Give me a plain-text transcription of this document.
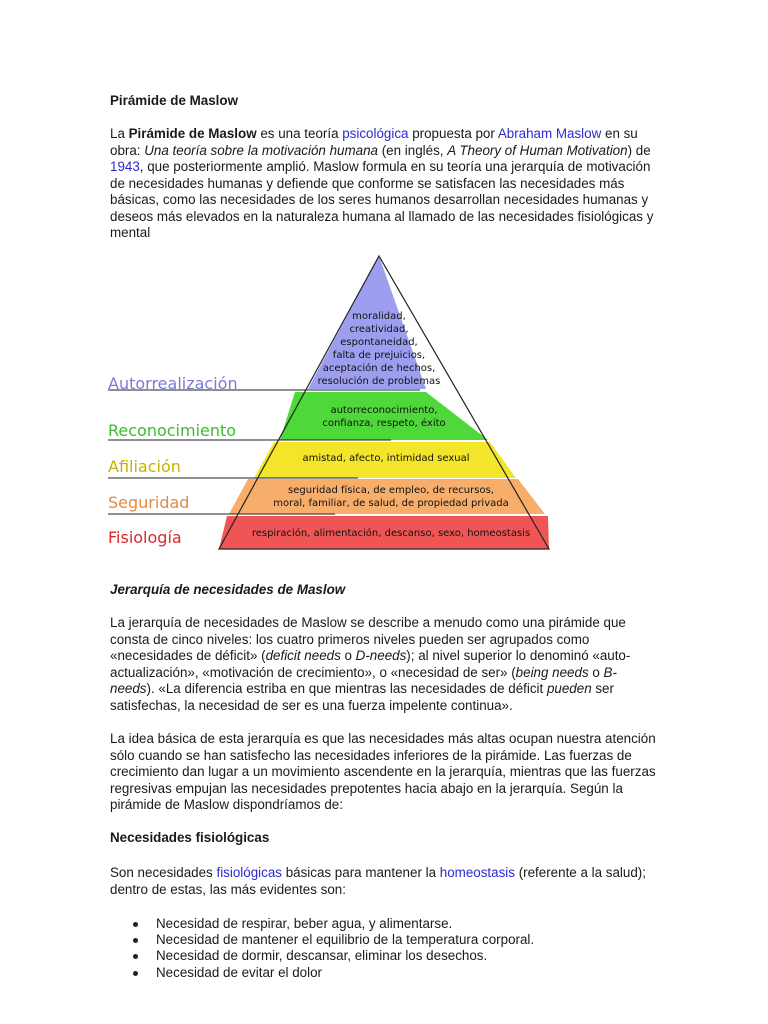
Pirámide de Maslow

La Pirámide de Maslow es una teoría psicológica propuesta por Abraham Maslow en su obra: Una teoría sobre la motivación humana (en inglés, A Theory of Human Motivation) de 1943, que posteriormente amplió. Maslow formula en su teoría una jerarquía de motivación de necesidades humanas y defiende que conforme se satisfacen las necesidades más básicas, como las necesidades de los seres humanos desarrollan necesidades humanas y deseos más elevados en la naturaleza humana al llamado de las necesidades fisiológicas y mental

Autorrealización
Reconocimiento
Afiliación
Seguridad
Fisiología
moralidad,
creatividad,
espontaneidad,
falta de prejuicios,
aceptación de hechos,
resolución de problemas
autorreconocimiento,
confianza, respeto, éxito
amistad, afecto, intimidad sexual
seguridad física, de empleo, de recursos,
moral, familiar, de salud, de propiedad privada
respiración, alimentación, descanso, sexo, homeostasis
Jerarquía de necesidades de Maslow

La jerarquía de necesidades de Maslow se describe a menudo como una pirámide que consta de cinco niveles: los cuatro primeros niveles pueden ser agrupados como «necesidades de déficit» (deficit needs o D-needs); al nivel superior lo denominó «auto-actualización», «motivación de crecimiento», o «necesidad de ser» (being needs o B-needs). «La diferencia estriba en que mientras las necesidades de déficit pueden ser satisfechas, la necesidad de ser es una fuerza impelente continua».

La idea básica de esta jerarquía es que las necesidades más altas ocupan nuestra atención sólo cuando se han satisfecho las necesidades inferiores de la pirámide. Las fuerzas de crecimiento dan lugar a un movimiento ascendente en la jerarquía, mientras que las fuerzas regresivas empujan las necesidades prepotentes hacia abajo en la jerarquía. Según la pirámide de Maslow dispondríamos de:

Necesidades fisiológicas

Son necesidades fisiológicas básicas para mantener la homeostasis (referente a la salud); dentro de estas, las más evidentes son:

Necesidad de respirar, beber agua, y alimentarse.
Necesidad de mantener el equilibrio de la temperatura corporal.
Necesidad de dormir, descansar, eliminar los desechos.
Necesidad de evitar el dolor
